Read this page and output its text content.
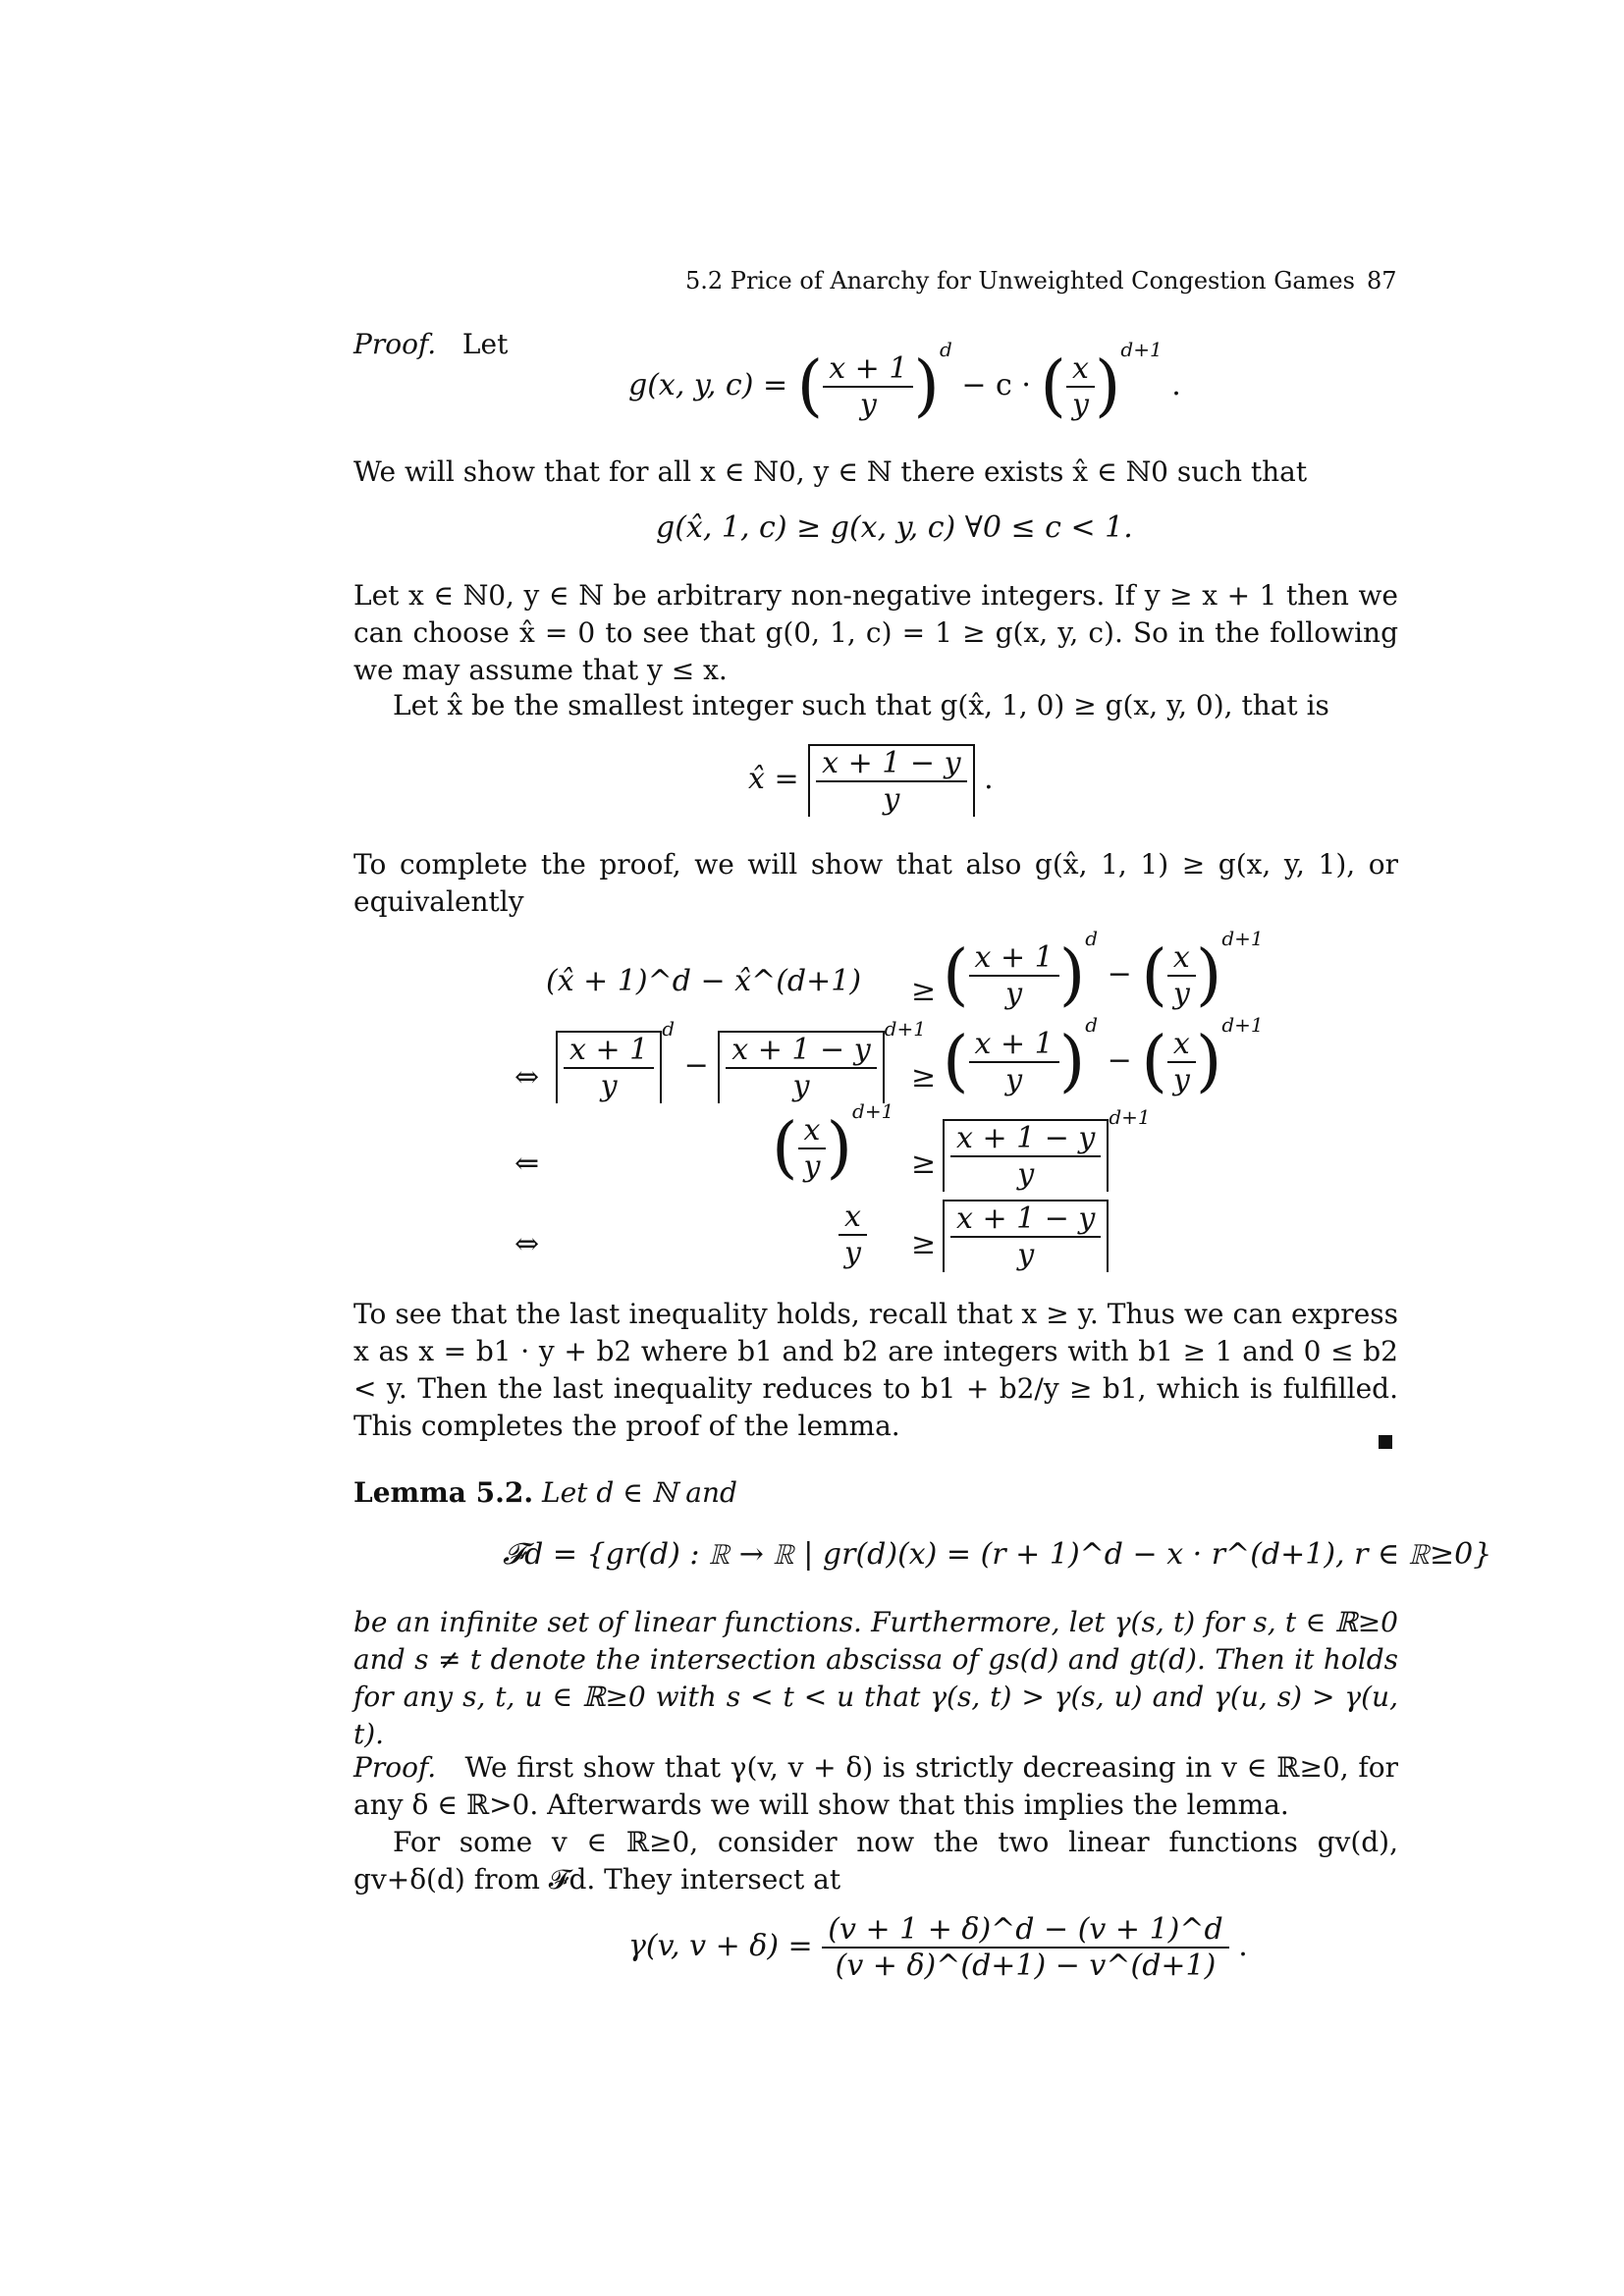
5.2 Price of Anarchy for Unweighted Congestion Games 87
Proof. Let
g(x, y, c) = ( $\frac{x + 1}{y} )^d - c$ · ( $\frac{x}{y} )^{d+1}$ .
We will show that for all x ∈ ℕ0, y ∈ ℕ there exists x̂ ∈ ℕ0 such that
g(x̂, 1, c) ≥ g(x, y, c) ∀0 ≤ c < 1.
Let x ∈ ℕ0, y ∈ ℕ be arbitrary non-negative integers. If y ≥ x + 1 then we can choose x̂ = 0 to see that g(0, 1, c) = 1 ≥ g(x, y, c). So in the following we may assume that y ≤ x.
Let x̂ be the smallest integer such that g(x̂, 1, 0) ≥ g(x, y, 0), that is
x̂ = $\frac{x + 1 - y}{y}$ .
To complete the proof, we will show that also g(x̂, 1, 1) ≥ g(x, y, 1), or equivalently
(x̂ + 1)^d − x̂^(d+1) ≥ ( $\frac{x + 1}{y} )^d$ − ( $\frac{x}{y} )^{d+1}$
⇔ $\frac{x + 1}{y}$
$^d - \frac{x + 1 - y}{y}$
$^{d+1}$
≥ ( $\frac{x + 1}{y} )^d$ − ( $\frac{x}{y} )^{d+1}$
⇐	( $\frac{x}{y} )^{d+1}$
≥ $\frac{x + 1 - y}{y}$
$^{d+1}$
⇔	$\frac{x}{y} \ge \frac{x + 1 - y}{y}$
To see that the last inequality holds, recall that x ≥ y. Thus we can express x as x = b1 · y + b2 where b1 and b2 are integers with b1 ≥ 1 and 0 ≤ b2 < y. Then the last inequality reduces to b1 + b2/y ≥ b1, which is fulfilled. This completes the proof of the lemma.
Lemma 5.2. Let d ∈ ℕ and
𝓕d = {gr(d) : ℝ → ℝ | gr(d)(x) = (r + 1)^d − x · r^(d+1), r ∈ ℝ≥0}
be an infinite set of linear functions. Furthermore, let γ(s, t) for s, t ∈ ℝ≥0 and s ≠ t denote the intersection abscissa of gs(d) and gt(d). Then it holds for any s, t, u ∈ ℝ≥0 with s < t < u that γ(s, t) > γ(s, u) and γ(u, s) > γ(u, t).
Proof. We first show that γ(v, v + δ) is strictly decreasing in v ∈ ℝ≥0, for any δ ∈ ℝ>0. Afterwards we will show that this implies the lemma.
For some v ∈ ℝ≥0, consider now the two linear functions gv(d), gv+δ(d) from 𝓕d. They intersect at
γ(v, $v + \delta) = \frac{(v + 1 + \delta)\^{}d - (v + 1)\^{}d}{(v + \delta)\^{}(d+1) - v\^{}(d+1)}$ .
